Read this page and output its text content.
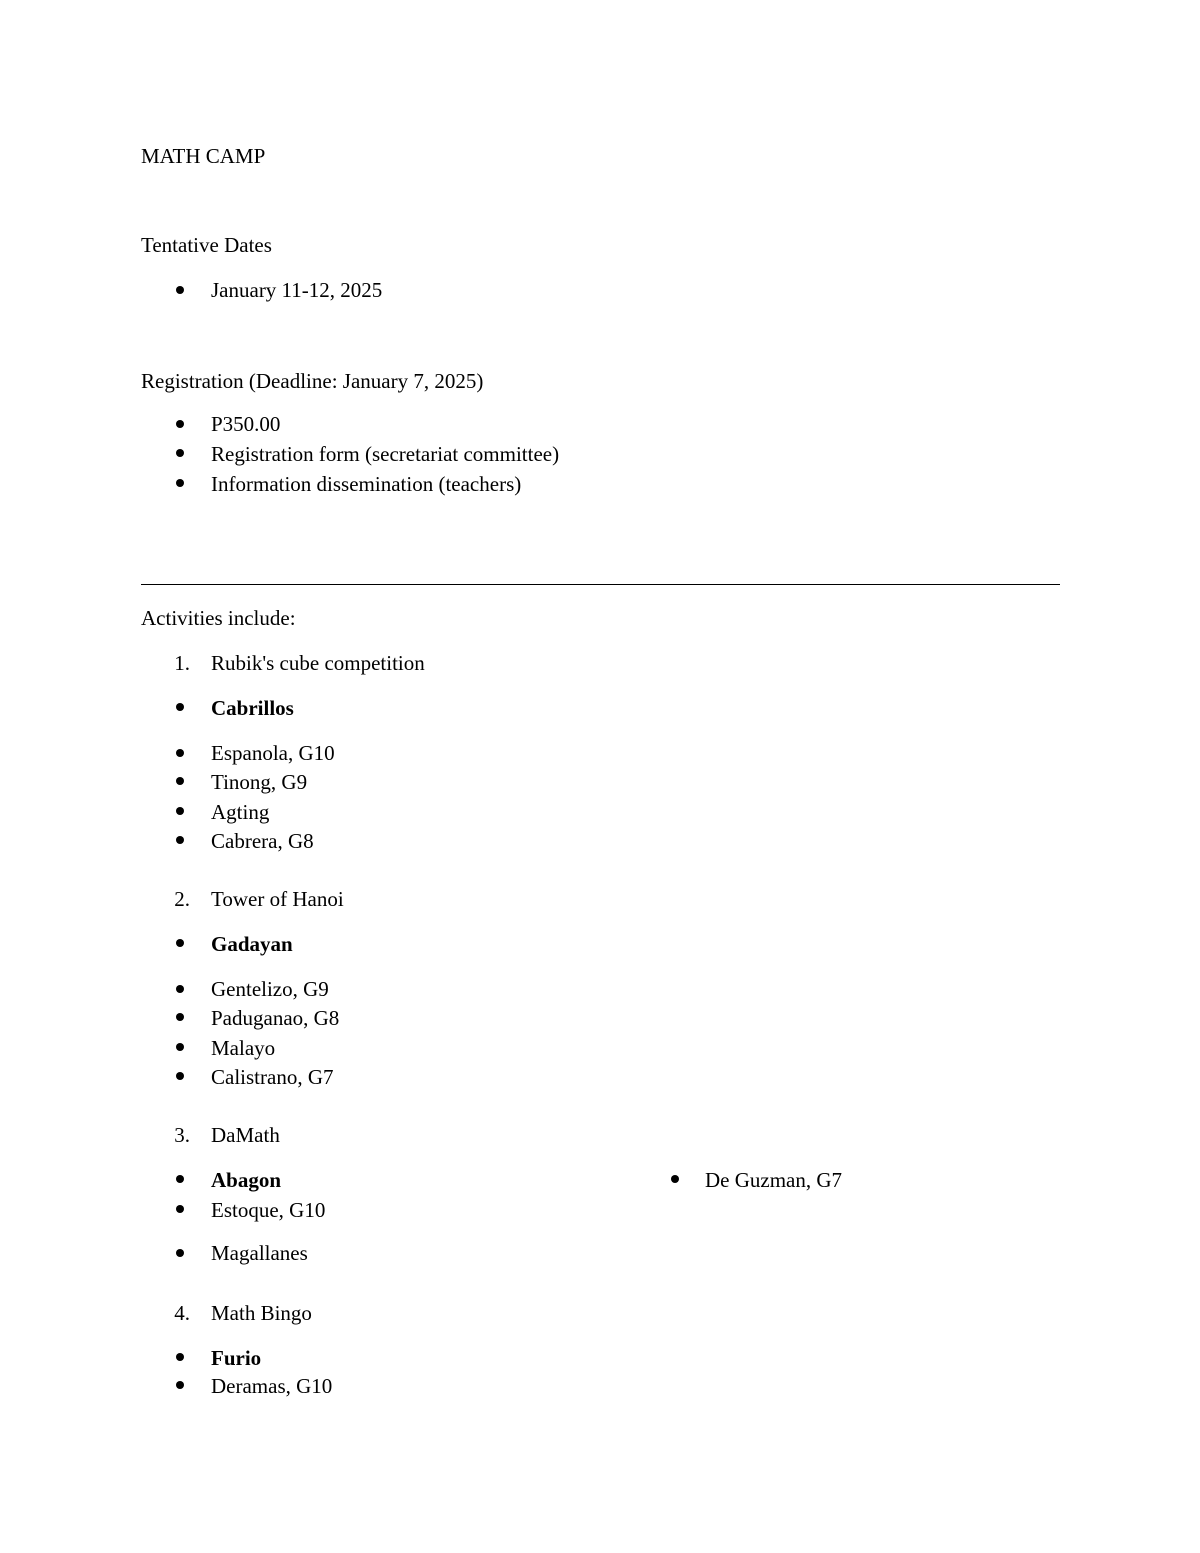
MATH CAMP
Tentative Dates
January 11-12, 2025
Registration (Deadline: January 7, 2025)
P350.00
Registration form (secretariat committee)
Information dissemination (teachers)
Activities include:
1. Rubik's cube competition
Cabrillos
Espanola, G10
Tinong, G9
Agting
Cabrera, G8
2. Tower of Hanoi
Gadayan
Gentelizo, G9
Paduganao, G8
Malayo
Calistrano, G7
3. DaMath
Abagon	De Guzman, G7
Estoque, G10
Magallanes
4. Math Bingo
Furio
Deramas, G10
